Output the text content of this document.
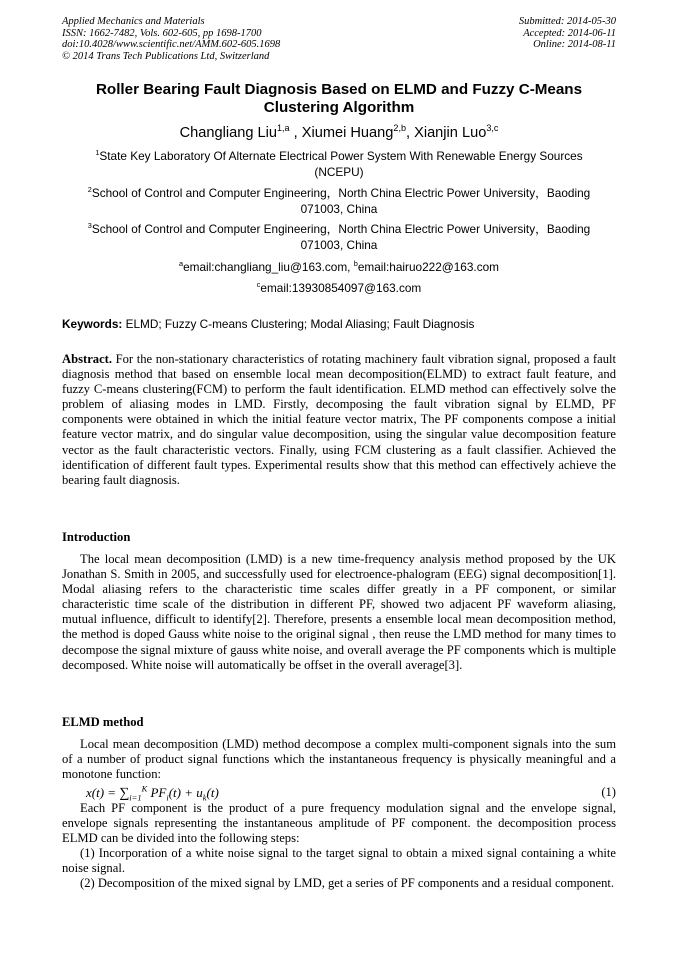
Applied Mechanics and Materials
ISSN: 1662-7482, Vols. 602-605, pp 1698-1700
doi:10.4028/www.scientific.net/AMM.602-605.1698
© 2014 Trans Tech Publications Ltd, Switzerland
Submitted: 2014-05-30
Accepted: 2014-06-11
Online: 2014-08-11
Roller Bearing Fault Diagnosis Based on ELMD and Fuzzy C-Means Clustering Algorithm
Changliang Liu$^{1,a}$ , Xiumei Huang$^{2,b}$, Xianjin Luo$^{3,c}$
$^1$State Key Laboratory Of Alternate Electrical Power System With Renewable Energy Sources
(NCEPU)
$^2$School of Control and Computer Engineering，North China Electric Power University，Baoding
071003, China
$^3$School of Control and Computer Engineering，North China Electric Power University，Baoding
071003, China
$^a$email:changliang_liu@163.com, $^b$email:hairuo222@163.com
$^c$email:13930854097@163.com
Keywords: ELMD; Fuzzy C-means Clustering; Modal Aliasing; Fault Diagnosis

Abstract. For the non-stationary characteristics of rotating machinery fault vibration signal, proposed a fault diagnosis method that based on ensemble local mean decomposition(ELMD) to extract fault feature, and fuzzy C-means clustering(FCM) to perform the fault identification. ELMD method can effectively solve the problem of aliasing modes in LMD. Firstly, decomposing the fault vibration signal by ELMD, PF components were obtained in which the initial feature vector matrix, The PF components compose a initial feature vector matrix, and do singular value decomposition, using the singular value decomposition feature vector as the fault characteristic vectors. Finally, using FCM clustering as a fault classifier. Achieved the identification of different fault types. Experimental results show that this method can effectively achieve the bearing fault diagnosis.

Introduction

The local mean decomposition (LMD) is a new time-frequency analysis method proposed by the UK Jonathan S. Smith in 2005, and successfully used for electroence-phalogram (EEG) signal decomposition[1]. Modal aliasing refers to the characteristic time scales differ greatly in a PF component, or similar characteristic time scale of the distribution in different PF, showed two adjacent PF waveform aliasing, mutual influence, difficult to identify[2]. Therefore, presents a ensemble local mean decomposition method, the method is doped Gauss white noise to the original signal , then reuse the LMD method for many times to decompose the signal mixture of gauss white noise, and overall average the PF components which is multiple decomposed. White noise will automatically be offset in the overall average[3].

ELMD method

Local mean decomposition (LMD) method decompose a complex multi-component signals into the sum of a number of product signal functions which the instantaneous frequency is physically meaningful and a monotone function:

$x(t) = \sum_{i=1}^K$ $PF_i(t) + u_k(t)$	(1)

Each PF component is the product of a pure frequency modulation signal and the envelope signal, envelope signals representing the instantaneous amplitude of PF component. the decomposition process ELMD can be divided into the following steps:

(1) Incorporation of a white noise signal to the target signal to obtain a mixed signal containing a white noise signal.

(2) Decomposition of the mixed signal by LMD, get a series of PF components and a residual component.
